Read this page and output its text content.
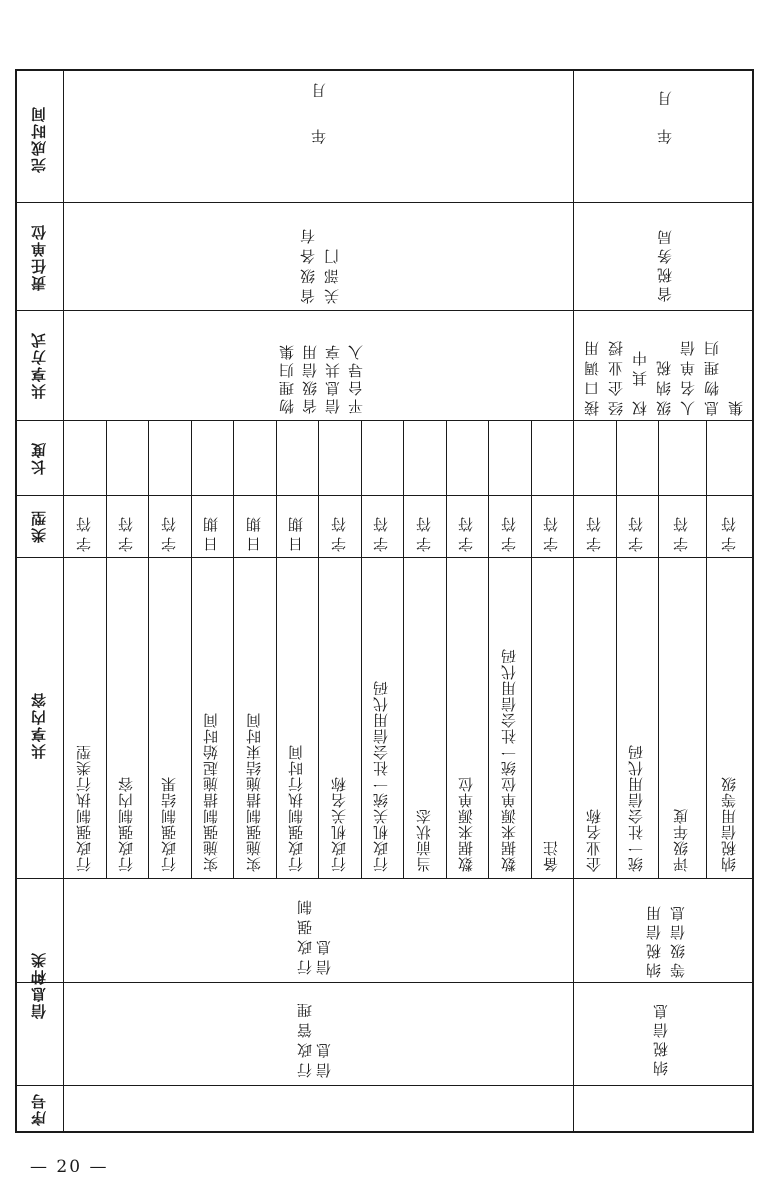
序号
信息种类
共享内容
类型
长度
共享方式
责任单位
完成时间
行政管理 信息
行政强制 信息
行政强制执行类型 行政强制内容 行政强制结果 实施强制措施起始时间 实施强制措施结束时间 行政强制执行时间 行政机关名称 行政机关统一社会信用代码 当前状态 数据来源单位 数据来源单位统一社会信用代码 备注
字符 字符 字符 日期 日期 日期 字符 字符 字符 字符 字符 字符
物理归集 省级信用 信息共享 平台导入
省级各有 关部门
年
月
纳税信息
纳税信用 等级信息
企业名称 统一社会信用代码 评级年度 纳税信用等级
字符 字符 字符 字符
接口调用 经企业授 权 其中 级纳税 人名单信 息物理归 集
省税务局
年
月
— 20 —
